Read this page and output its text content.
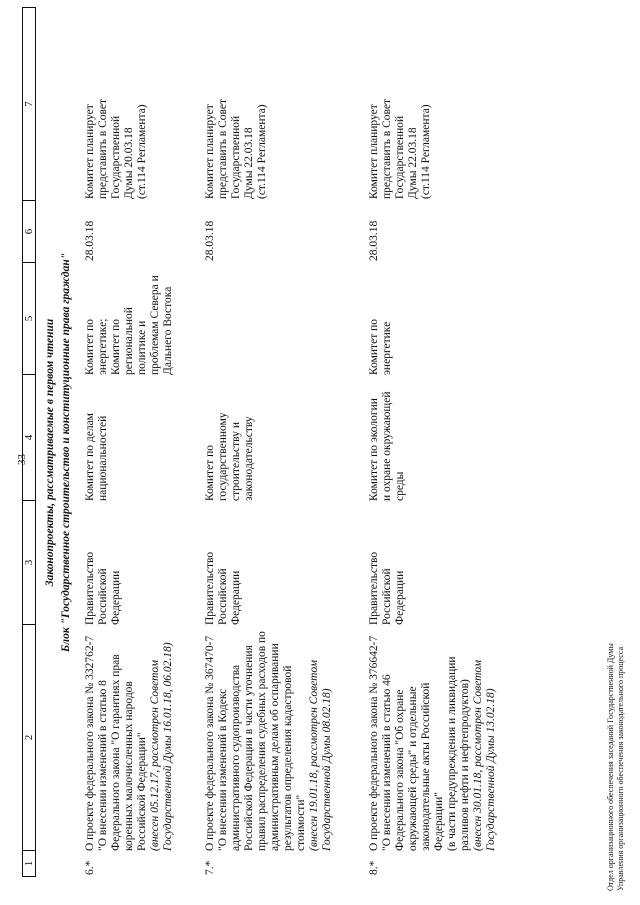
33
1
2
3
4
5
6
7
Законопроекты, рассматриваемые в первом чтении Блок "Государственное строительство и конституционные права граждан"
6.*
О проекте федерального закона № 332762-7 "О внесении изменений в статью 8 Федерального закона "О гарантиях прав коренных малочисленных народов Российской Федерации" (внесен 05.12.17, рассмотрен Советом Государственной Думы 16.01.18, 06.02.18)
Правительство Российской Федерации
Комитет по делам национальностей
Комитет по энергетике; Комитет по региональной политике и проблемам Севера и Дальнего Востока
28.03.18
Комитет планирует представить в Совет Государственной Думы 20.03.18 (ст.114 Регламента)
7.*
О проекте федерального закона № 367470-7 "О внесении изменений в Кодекс административного судопроизводства Российской Федерации в части уточнения правил распределения судебных расходов по административным делам об оспаривании результатов определения кадастровой стоимости" (внесен 19.01.18, рассмотрен Советом Государственной Думы 08.02.18)
Правительство Российской Федерации
Комитет по государственному строительству и законодательству
28.03.18
Комитет планирует представить в Совет Государственной Думы 22.03.18 (ст.114 Регламента)
8.*
О проекте федерального закона № 376642-7 "О внесении изменений в статью 46 Федерального закона "Об охране окружающей среды" и отдельные законодательные акты Российской Федерации" (в части предупреждения и ликвидации разливов нефти и нефтепродуктов) (внесен 30.01.18, рассмотрен Советом Государственной Думы 13.02.18)
Правительство Российской Федерации
Комитет по экологии и охране окружающей среды
Комитет по энергетике
28.03.18
Комитет планирует представить в Совет Государственной Думы 22.03.18 (ст.114 Регламента)
Отдел организационного обеспечения заседаний Государственной Думы Управления организационного обеспечения законодательного процесса
